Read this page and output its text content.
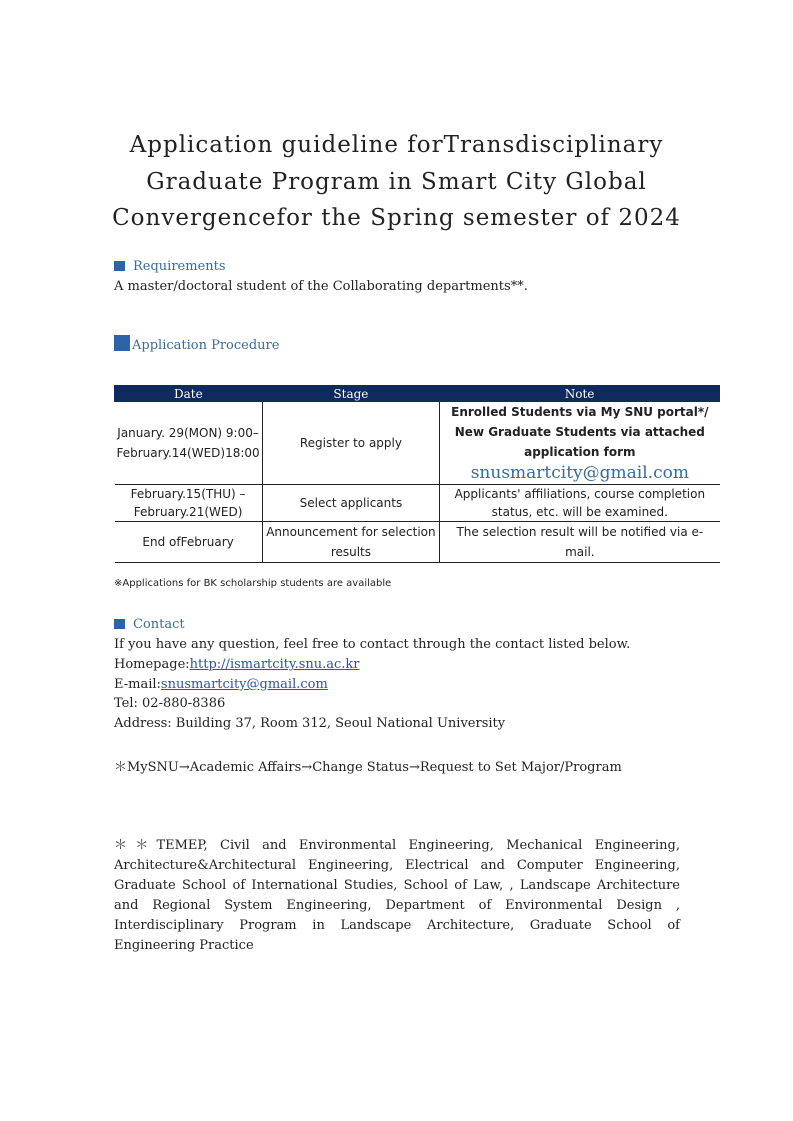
Application guideline forTransdisciplinary
Graduate Program in Smart City Global
Convergencefor the Spring semester of 2024
Requirements
A master/doctoral student of the Collaborating departments**.
Application Procedure
Date	Stage	Note
January. 29(MON) 9:00– February.14(WED)18:00	Register to apply	Enrolled Students via My SNU portal*/ New Graduate Students via attached application form
snusmartcity@gmail.com

February.15(THU) – February.21(WED)	Select applicants	Applicants' affiliations, course completion status, etc. will be examined.
End ofFebruary	Announcement for selection results	The selection result will be notified via e-mail.
※Applications for BK scholarship students are available
Contact
If you have any question, feel free to contact through the contact listed below.
Homepage:http://ismartcity.snu.ac.kr
E-mail:snusmartcity@gmail.com
Tel: 02-880-8386
Address: Building 37, Room 312, Seoul National University
＊MySNU→Academic Affairs→Change Status→Request to Set Major/Program
＊＊TEMEP, Civil and Environmental Engineering, Mechanical Engineering, Architecture&Architectural Engineering, Electrical and Computer Engineering, Graduate School of International Studies, School of Law, , Landscape Architecture and Regional System Engineering, Department of Environmental Design , Interdisciplinary Program in Landscape Architecture, Graduate School of Engineering Practice
